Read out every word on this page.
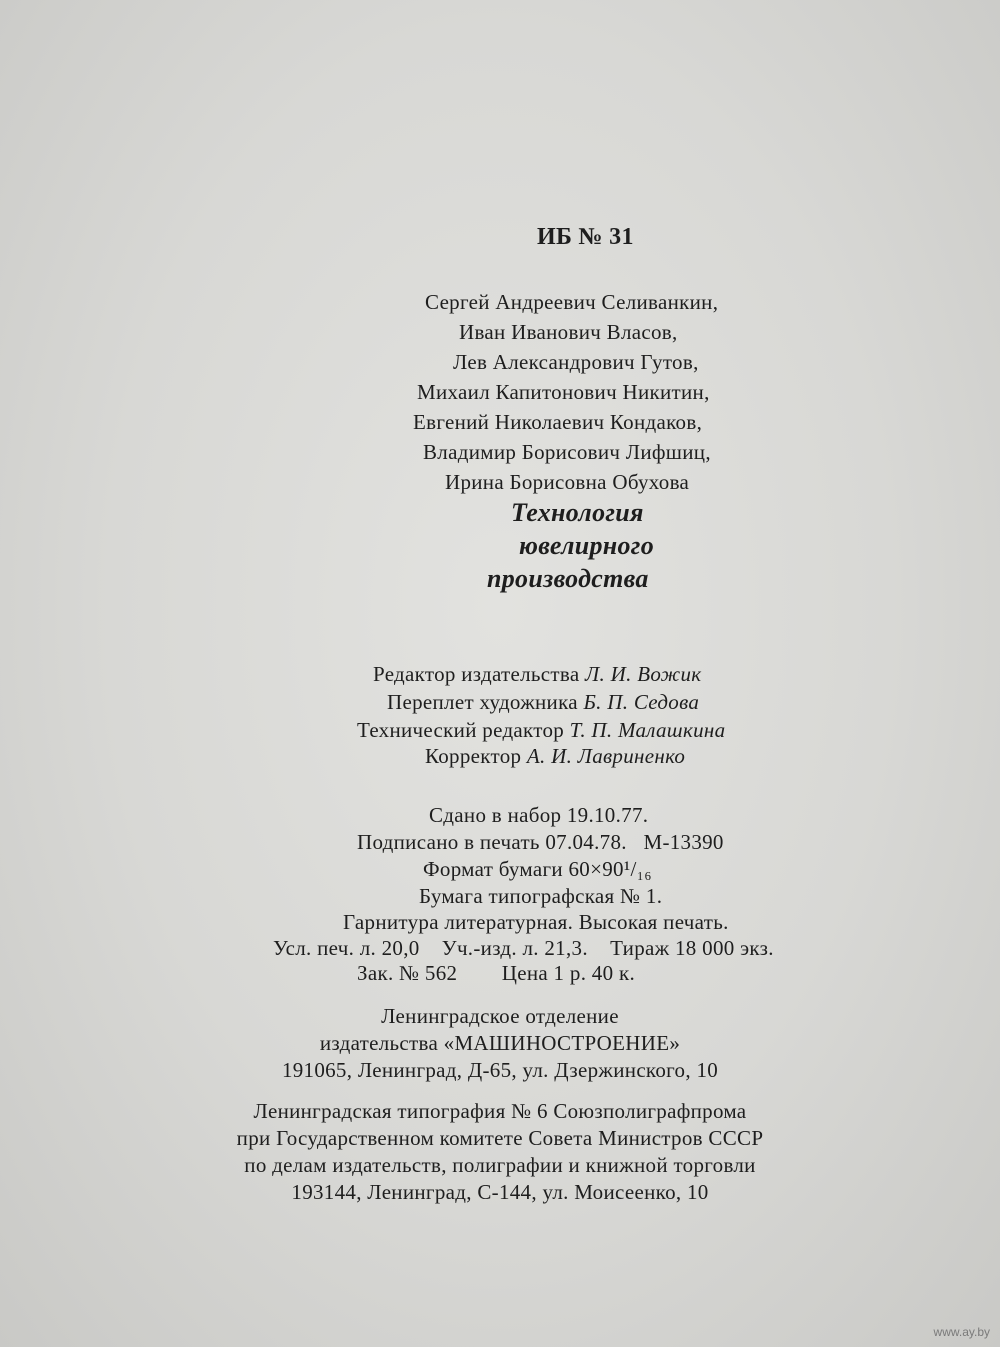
ИБ № 31
Сергей Андреевич Селиванкин,
Иван Иванович Власов,
Лев Александрович Гутов,
Михаил Капитонович Никитин,
Евгений Николаевич Кондаков,
Владимир Борисович Лифшиц,
Ирина Борисовна Обухова
Технология
ювелирного
производства
Редактор издательства Л. И. Вожик
Переплет художника Б. П. Седова
Технический редактор Т. П. Малашкина
Корректор А. И. Лавриненко
Сдано в набор 19.10.77.
Подписано в печать 07.04.78. М-13390
Формат бумаги 60×90¹/₁₆
Бумага типографская № 1.
Гарнитура литературная. Высокая печать.
Усл. печ. л. 20,0 Уч.-изд. л. 21,3. Тираж 18 000 экз.
Зак. № 562 Цена 1 р. 40 к.
Ленинградское отделение
издательства «МАШИНОСТРОЕНИЕ»
191065, Ленинград, Д-65, ул. Дзержинского, 10
Ленинградская типография № 6 Союзполиграфпрома
при Государственном комитете Совета Министров СССР
по делам издательств, полиграфии и книжной торговли
193144, Ленинград, С-144, ул. Моисеенко, 10
www.ay.by
